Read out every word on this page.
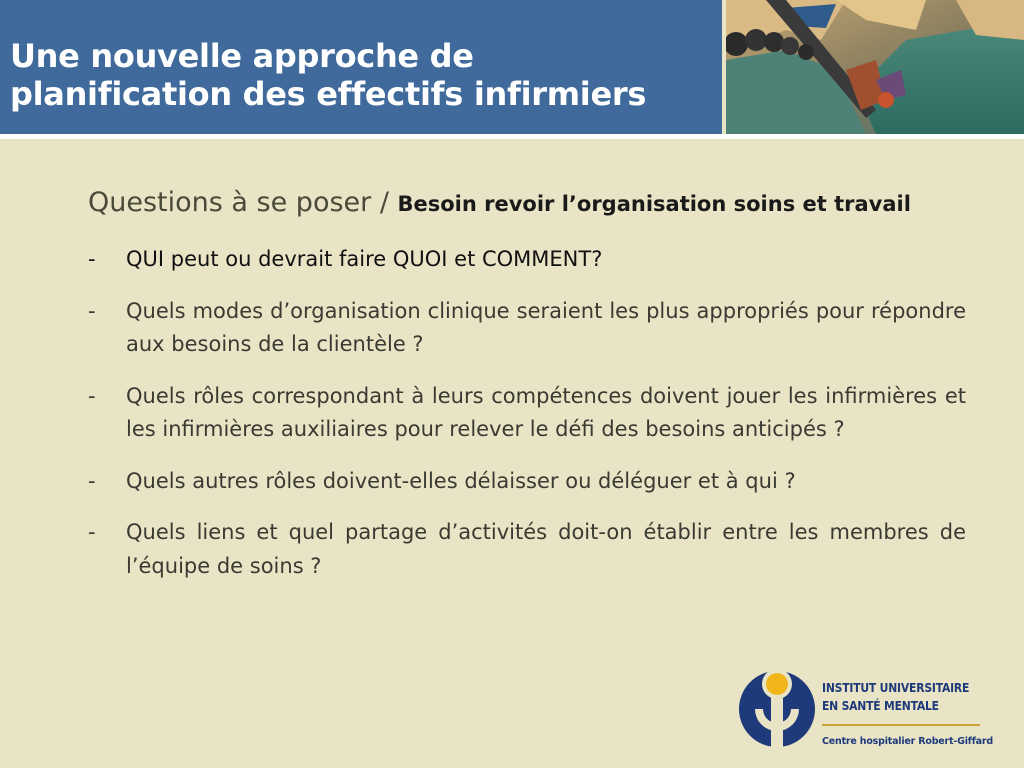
Une nouvelle approche de
planification des effectifs infirmiers

Questions à se poser / Besoin revoir l’organisation soins et travail

- QUI peut ou devrait faire QUOI et COMMENT?
- Quels modes d’organisation clinique seraient les plus appropriés pour répondre aux besoins de la clientèle ?
- Quels rôles correspondant à leurs compétences doivent jouer les infirmières et les infirmières auxiliaires pour relever le défi des besoins anticipés ?
- Quels autres rôles doivent-elles délaisser ou déléguer et à qui ?
- Quels liens et quel partage d’activités doit-on établir entre les membres de l’équipe de soins ?
INSTITUT UNIVERSITAIRE
EN SANTÉ MENTALE
Centre hospitalier Robert-Giffard
